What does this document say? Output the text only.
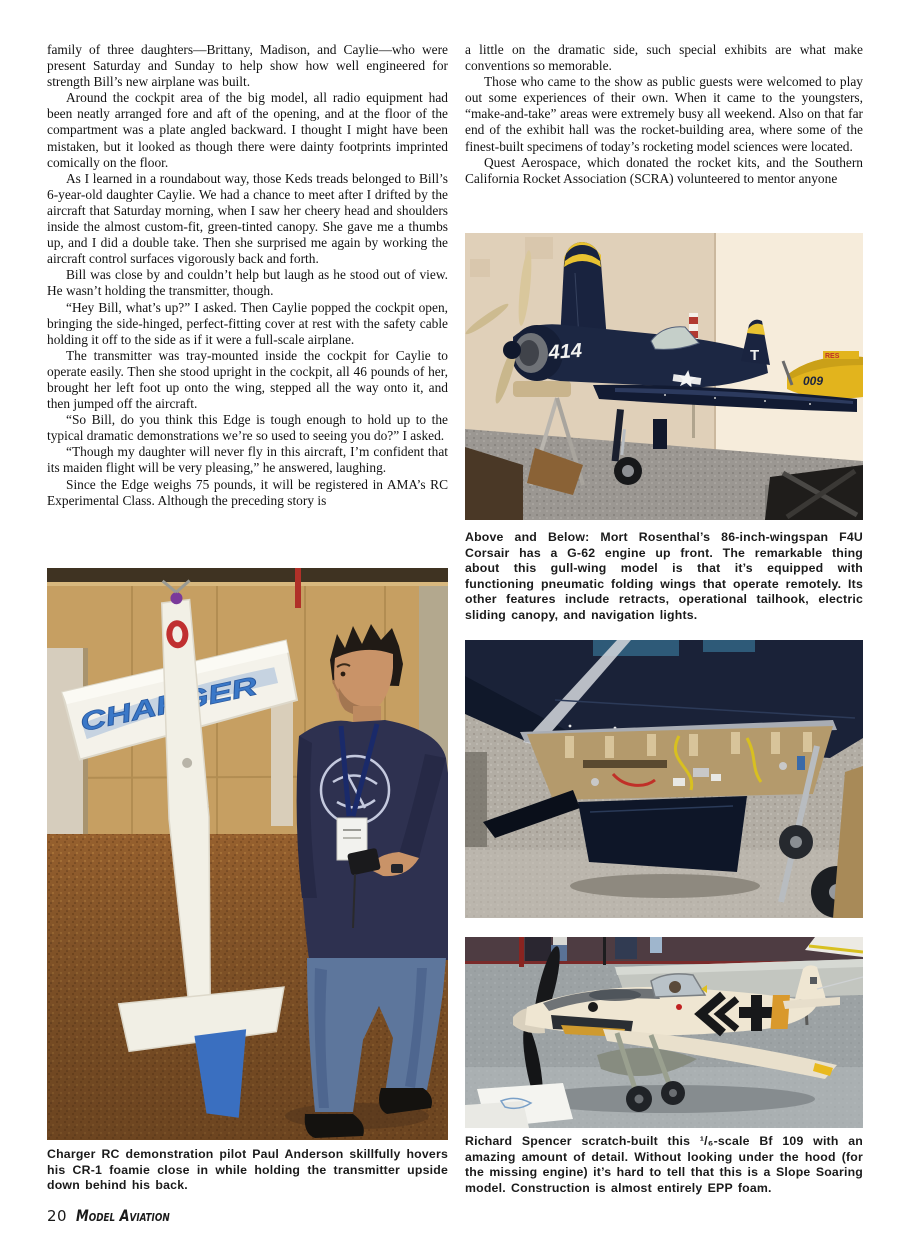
family of three daughters—Brittany, Madison, and Caylie—who were present Saturday and Sunday to help show how well engineered for strength Bill’s new airplane was built.

Around the cockpit area of the big model, all radio equipment had been neatly arranged fore and aft of the opening, and at the floor of the compartment was a plate angled backward. I thought I might have been mistaken, but it looked as though there were dainty footprints imprinted comically on the floor.

As I learned in a roundabout way, those Keds treads belonged to Bill’s 6-year-old daughter Caylie. We had a chance to meet after I drifted by the aircraft that Saturday morning, when I saw her cheery head and shoulders inside the almost custom-fit, green-tinted canopy. She gave me a thumbs up, and I did a double take. Then she surprised me again by working the aircraft control surfaces vigorously back and forth.

Bill was close by and couldn’t help but laugh as he stood out of view. He wasn’t holding the transmitter, though.

“Hey Bill, what’s up?” I asked. Then Caylie popped the cockpit open, bringing the side-hinged, perfect-fitting cover at rest with the safety cable holding it off to the side as if it were a full-scale airplane.

The transmitter was tray-mounted inside the cockpit for Caylie to operate easily. Then she stood upright in the cockpit, all 46 pounds of her, brought her left foot up onto the wing, stepped all the way onto it, and then jumped off the aircraft.

“So Bill, do you think this Edge is tough enough to hold up to the typical dramatic demonstrations we’re so used to seeing you do?” I asked.

“Though my daughter will never fly in this aircraft, I’m confident that its maiden flight will be very pleasing,” he answered, laughing.

Since the Edge weighs 75 pounds, it will be registered in AMA’s RC Experimental Class. Although the preceding story is

a little on the dramatic side, such special exhibits are what make conventions so memorable.

Those who came to the show as public guests were welcomed to play out some experiences of their own. When it came to the youngsters, “make-and-take” areas were extremely busy all weekend. Also on that far end of the exhibit hall was the rocket-building area, where some of the finest-built specimens of today’s rocketing model sciences were located.

Quest Aerospace, which donated the rocket kits, and the Southern California Rocket Association (SCRA) volunteered to mentor anyone

RES
009
414	T

Above and Below: Mort Rosenthal’s 86-inch-wingspan F4U Corsair has a G-62 engine up front. The remarkable thing about this gull-wing model is that it’s equipped with functioning pneumatic folding wings that operate remotely. Its other features include retracts, operational tailhook, electric sliding canopy, and navigation lights.

Richard Spencer scratch-built this ¹/₆-scale Bf 109 with an amazing amount of detail. Without looking under the hood (for the missing engine) it’s hard to tell that this is a Slope Soaring model. Construction is almost entirely EPP foam.

CHARGER

Charger RC demonstration pilot Paul Anderson skillfully hovers his CR-1 foamie close in while holding the transmitter upside down behind his back.

20 Model Aviation
